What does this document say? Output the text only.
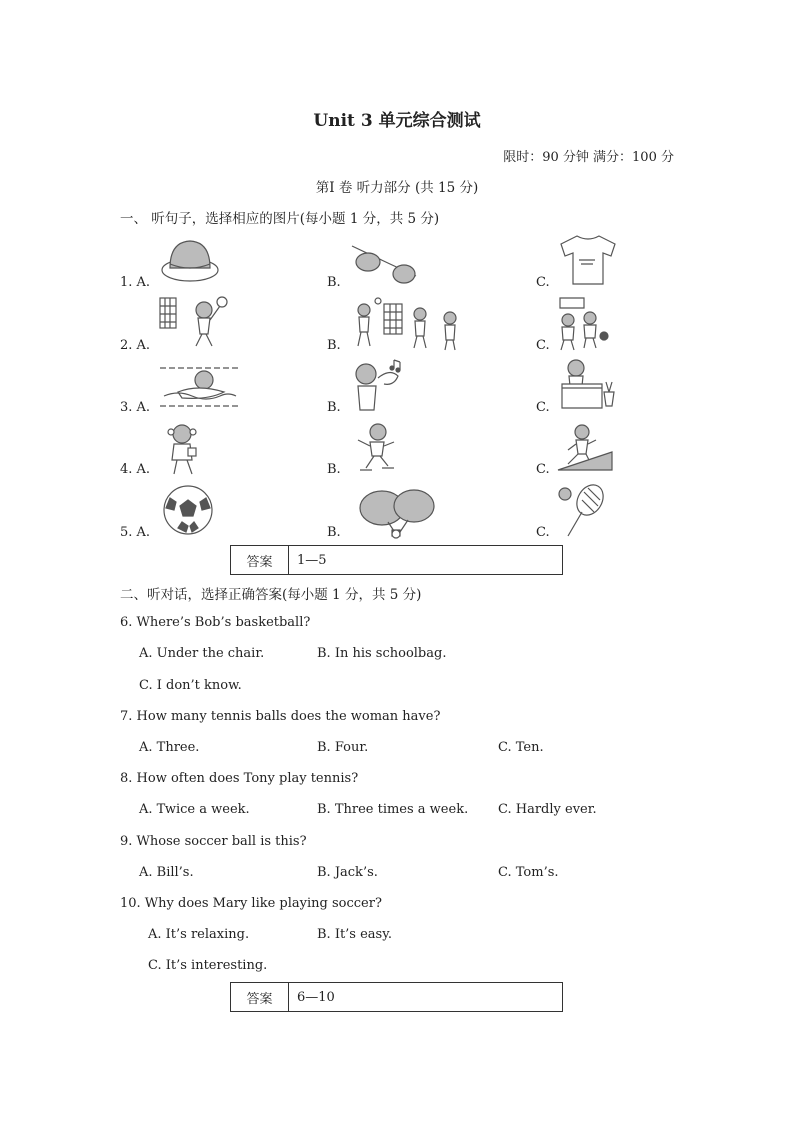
Unit 3 单元综合测试
限时：90 分钟 满分：100 分
第Ⅰ 卷 听力部分 (共 15 分)
一、 听句子，选择相应的图片(每小题 1 分，共 5 分)
1. A.	B.	C.
2. A.	B.	C.
3. A.	B.	C.
4. A.	B.	C.
5. A.	B.	C.
答案	1—5
二、听对话，选择正确答案(每小题 1 分，共 5 分)
6. Where’s Bob’s basketball?
A. Under the chair.	B. In his schoolbag.
C. I don’t know.
7. How many tennis balls does the woman have?
A. Three.	B. Four.	C. Ten.
8. How often does Tony play tennis?
A. Twice a week.	B. Three times a week. C. Hardly ever.
9. Whose soccer ball is this?
A. Bill’s.	B. Jack’s.	C. Tom’s.
10. Why does Mary like playing soccer?
A. It’s relaxing.	B. It’s easy.
C. It’s interesting.
答案	6—10
